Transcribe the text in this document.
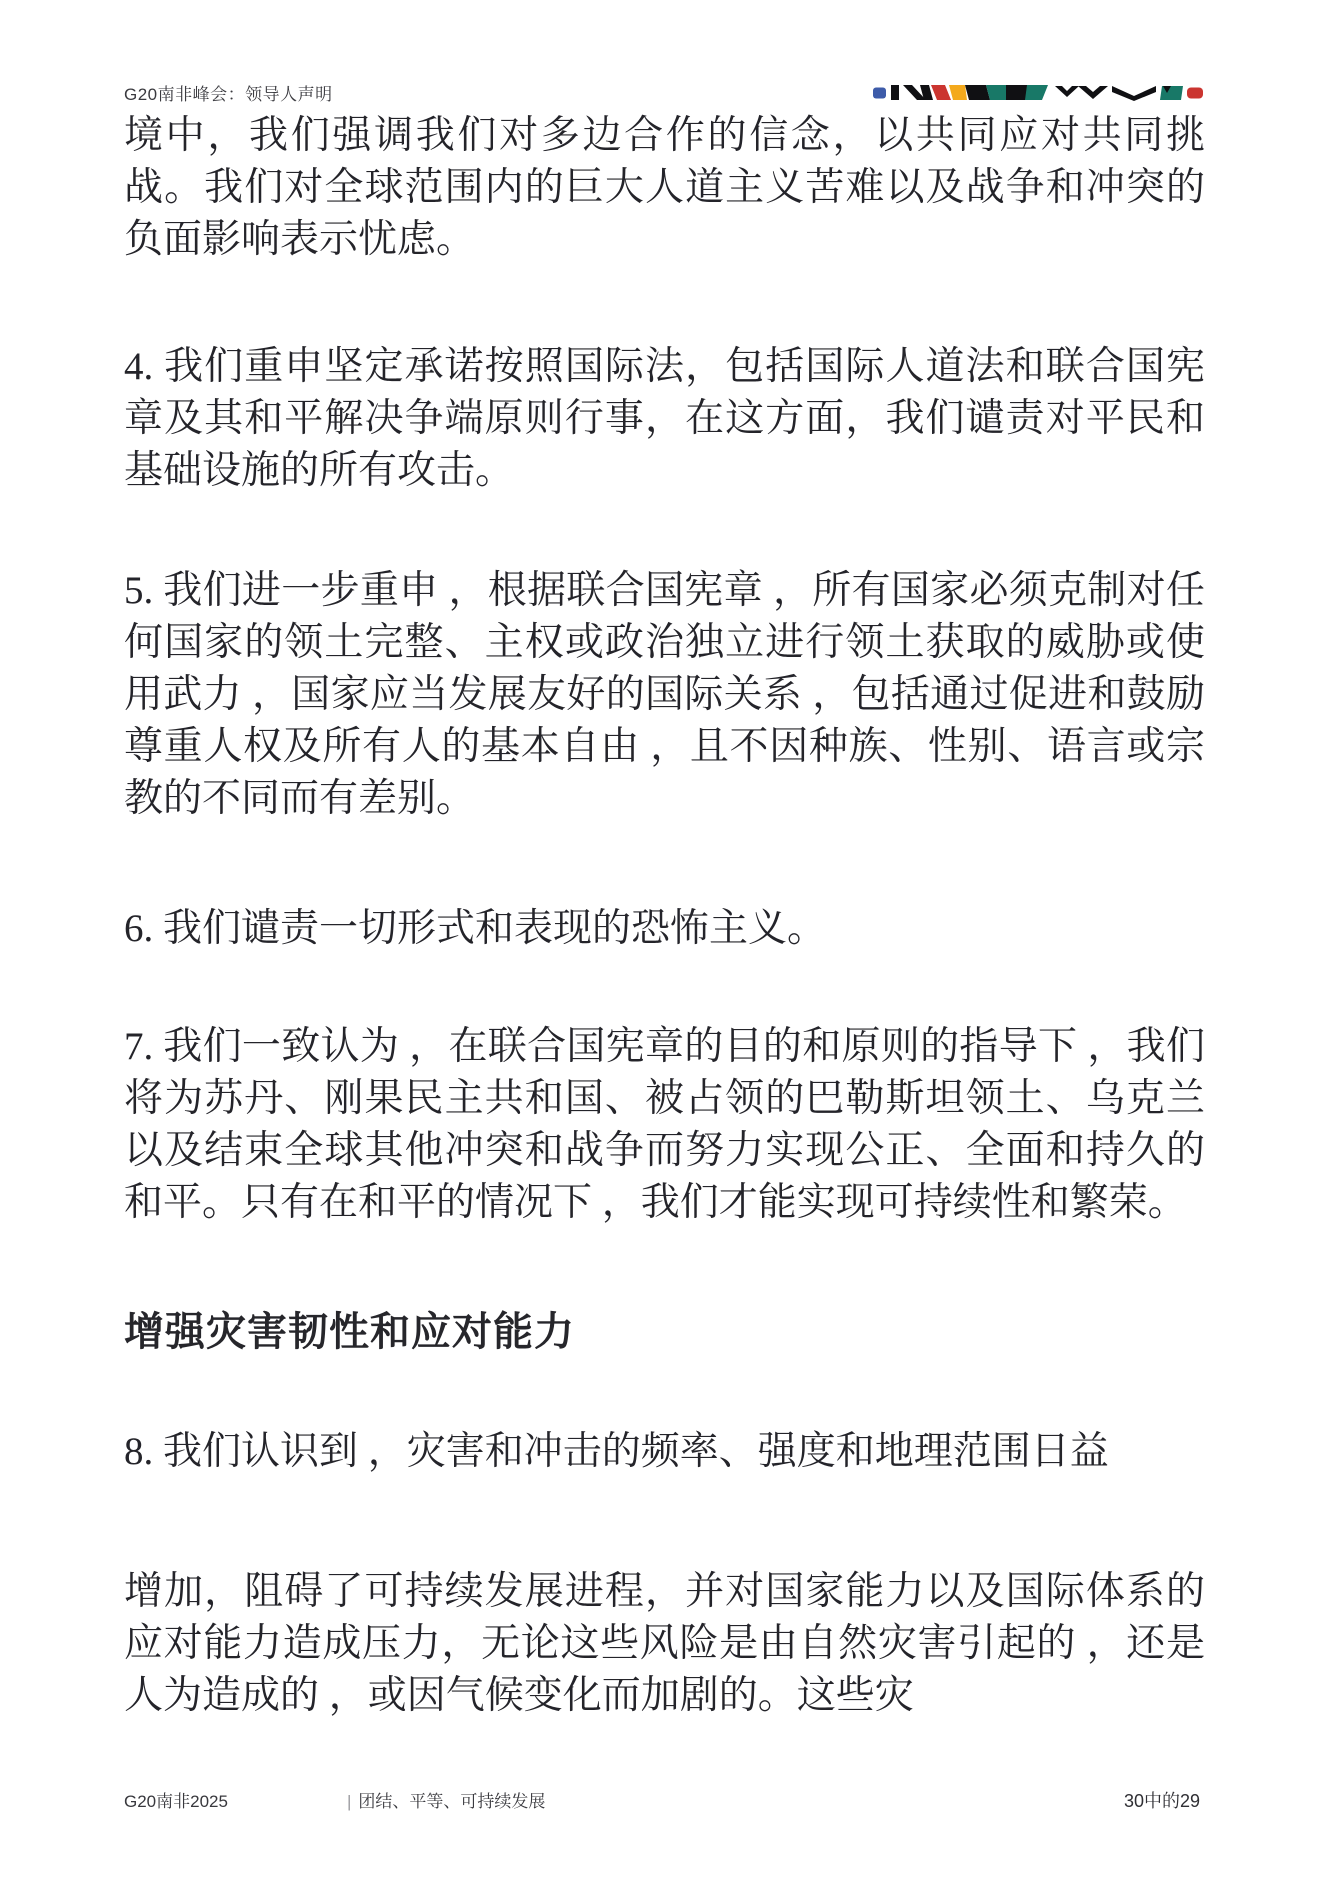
G20南非峰会：领导人声明

境中，我们强调我们对多边合作的信念，以共同应对共同挑战。我们对全球范围内的巨大人道主义苦难以及战争和冲突的负面影响表示忧虑。

4. 我们重申坚定承诺按照国际法，包括国际人道法和联合国宪章及其和平解决争端原则行事，在这方面，我们谴责对平民和基础设施的所有攻击。

5. 我们进一步重申 ，根据联合国宪章 ，所有国家必须克制对任何国家的领土完整、主权或政治独立进行领土获取的威胁或使用武力 ，国家应当发展友好的国际关系 ，包括通过促进和鼓励尊重人权及所有人的基本自由 ，且不因种族、性别、语言或宗教的不同而有差别。

6. 我们谴责一切形式和表现的恐怖主义。

7. 我们一致认为 ，在联合国宪章的目的和原则的指导下 ，我们将为苏丹、刚果民主共和国、被占领的巴勒斯坦领土、乌克兰以及结束全球其他冲突和战争而努力实现公正、全面和持久的和平。只有在和平的情况下 ，我们才能实现可持续性和繁荣。

增强灾害韧性和应对能力

8. 我们认识到 ，灾害和冲击的频率、强度和地理范围日益

增加，阻碍了可持续发展进程，并对国家能力以及国际体系的应对能力造成压力，无论这些风险是由自然灾害引起的 ，还是人为造成的 ，或因气候变化而加剧的。这些灾

G20南非2025	| 团结、平等、可持续发展	30中的29
